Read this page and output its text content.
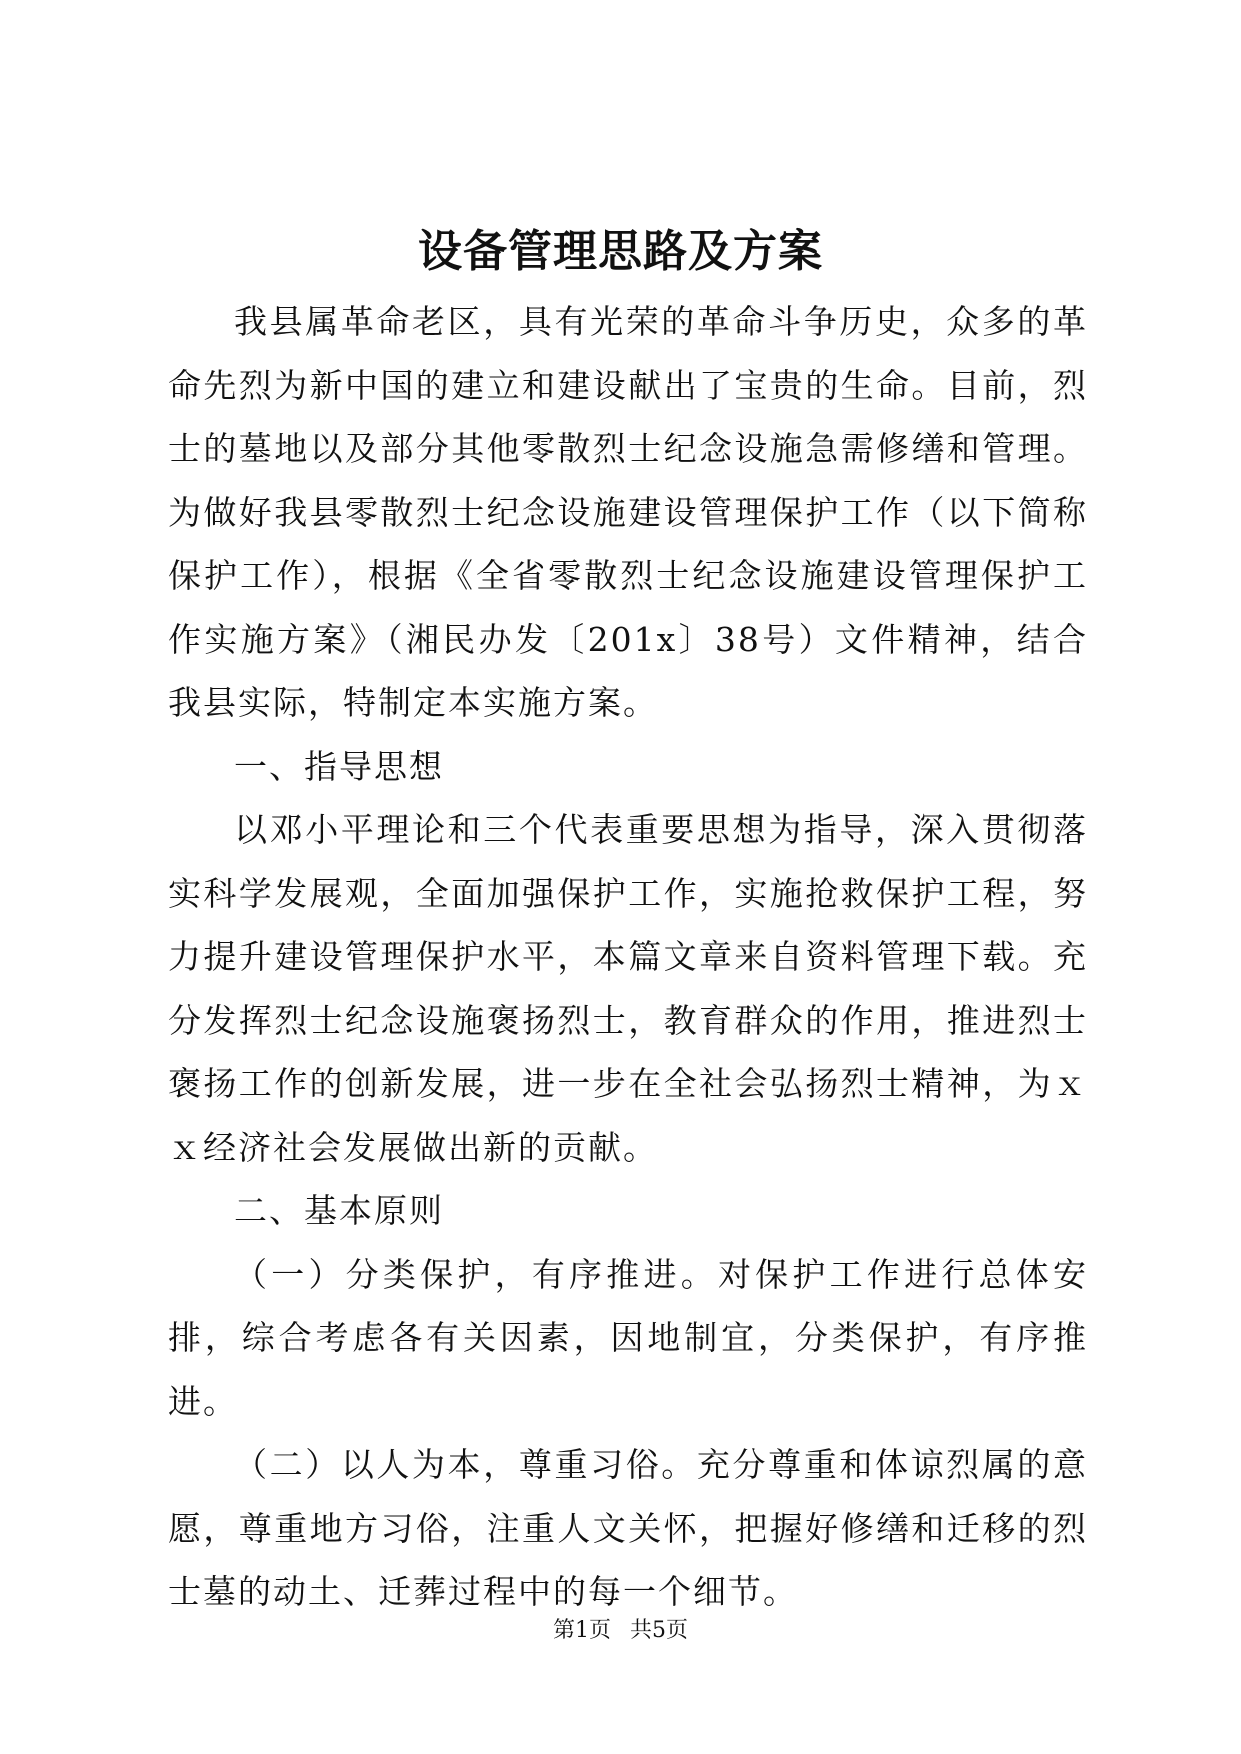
设备管理思路及方案

我县属革命老区，具有光荣的革命斗争历史，众多的革命先烈为新中国的建立和建设献出了宝贵的生命。目前，烈士的墓地以及部分其他零散烈士纪念设施急需修缮和管理。为做好我县零散烈士纪念设施建设管理保护工作（以下简称保护工作），根据《全省零散烈士纪念设施建设管理保护工作实施方案》（湘民办发〔201x〕38号）文件精神，结合我县实际，特制定本实施方案。

一、指导思想

以邓小平理论和三个代表重要思想为指导，深入贯彻落实科学发展观，全面加强保护工作，实施抢救保护工程，努力提升建设管理保护水平，本篇文章来自资料管理下载。充分发挥烈士纪念设施褒扬烈士，教育群众的作用，推进烈士褒扬工作的创新发展，进一步在全社会弘扬烈士精神，为ｘｘ经济社会发展做出新的贡献。

二、基本原则

（一）分类保护，有序推进。对保护工作进行总体安排，综合考虑各有关因素，因地制宜，分类保护，有序推进。

（二）以人为本，尊重习俗。充分尊重和体谅烈属的意愿，尊重地方习俗，注重人文关怀，把握好修缮和迁移的烈士墓的动土、迁葬过程中的每一个细节。

第1页 共5页
